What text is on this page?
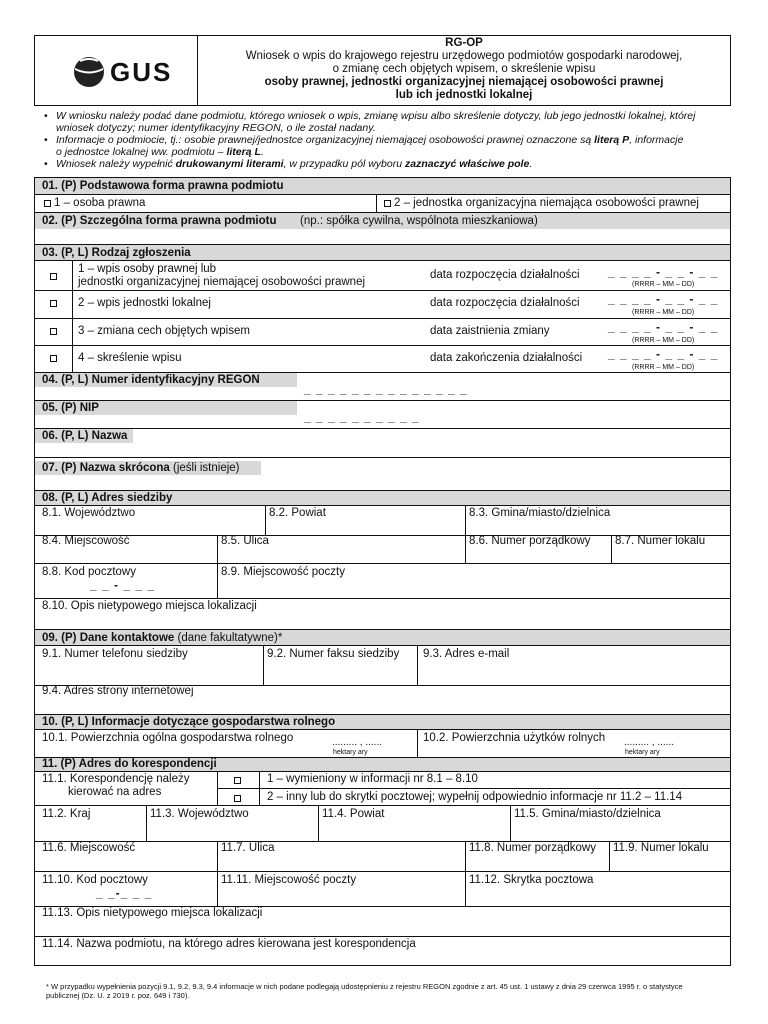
GUS
RG-OP
Wniosek o wpis do krajowego rejestru urzędowego podmiotów gospodarki narodowej,
o zmianę cech objętych wpisem, o skreślenie wpisu
osoby prawnej, jednostki organizacyjnej niemającej osobowości prawnej
lub ich jednostki lokalnej
• W wniosku należy podać dane podmiotu, którego wniosek o wpis, zmianę wpisu albo skreślenie dotyczy, lub jego jednostki lokalnej, której
wniosek dotyczy; numer identyfikacyjny REGON, o ile został nadany.
• Informacje o podmiocie, tj.: osobie prawnej/jednostce organizacyjnej niemającej osobowości prawnej oznaczone są literą P, informacje
o jednostce lokalnej ww. podmiotu – literą L.
• Wniosek należy wypełnić drukowanymi literami, w przypadku pól wyboru zaznaczyć właściwe pole.
01. (P) Podstawowa forma prawna podmiotu
1 – osoba prawna	2 – jednostka organizacyjna niemająca osobowości prawnej
02. (P) Szczególna forma prawna podmiotu (np.: spółka cywilna, wspólnota mieszkaniowa)
03. (P, L) Rodzaj zgłoszenia
1 – wpis osoby prawnej lub
jednostki organizacyjnej niemającej osobowości prawnej
data rozpoczęcia działalności _ _ _ _ - _ _ - _ _
(RRRR – MM – DD)
2 – wpis jednostki lokalnej	data rozpoczęcia działalności _ _ _ _ - _ _ - _ _
(RRRR – MM – DD)
3 – zmiana cech objętych wpisem	data zaistnienia zmiany	_ _ _ _ - _ _ - _ _
(RRRR – MM – DD)
4 – skreślenie wpisu	data zakończenia działalności _ _ _ _ - _ _ - _ _
(RRRR – MM – DD)
04. (P, L) Numer identyfikacyjny REGON
_ _ _ _ _ _ _ _ _ _ _ _ _ _
05. (P) NIP
_ _ _ _ _ _ _ _ _ _
06. (P, L) Nazwa
07. (P) Nazwa skrócona (jeśli istnieje)
08. (P, L) Adres siedziby
8.1. Województwo	8.2. Powiat	8.3. Gmina/miasto/dzielnica
8.4. Miejscowość	8.5. Ulica	8.6. Numer porządkowy 8.7. Numer lokalu
8.8. Kod pocztowy
_ _ - _ _ _
8.9. Miejscowość poczty
8.10. Opis nietypowego miejsca lokalizacji
09. (P) Dane kontaktowe (dane fakultatywne)*
9.1. Numer telefonu siedziby	9.2. Numer faksu siedziby 9.3. Adres e-mail
9.4. Adres strony internetowej
10. (P, L) Informacje dotyczące gospodarstwa rolnego
10.1. Powierzchnia ogólna gospodarstwa rolnego	......... , ......
hektary ary
10.2. Powierzchnia użytków rolnych ......... , ......
hektary ary
11. (P) Adres do korespondencji
11.1. Korespondencję należy
kierować na adres
1 – wymieniony w informacji nr 8.1 – 8.10
2 – inny lub do skrytki pocztowej; wypełnij odpowiednio informacje nr 11.2 – 11.14
11.2. Kraj	11.3. Województwo	11.4. Powiat	11.5. Gmina/miasto/dzielnica
11.6. Miejscowość	11.7. Ulica	11.8. Numer porządkowy 11.9. Numer lokalu
11.10. Kod pocztowy
_ _-_ _ _
11.11. Miejscowość poczty	11.12. Skrytka pocztowa
11.13. Opis nietypowego miejsca lokalizacji
11.14. Nazwa podmiotu, na którego adres kierowana jest korespondencja
* W przypadku wypełnienia pozycji 9.1, 9.2, 9.3, 9.4 informacje w nich podane podlegają udostępnieniu z rejestru REGON zgodnie z art. 45 ust. 1 ustawy z dnia 29 czerwca 1995 r. o statystyce
publicznej (Dz. U. z 2019 r. poz. 649 i 730).
